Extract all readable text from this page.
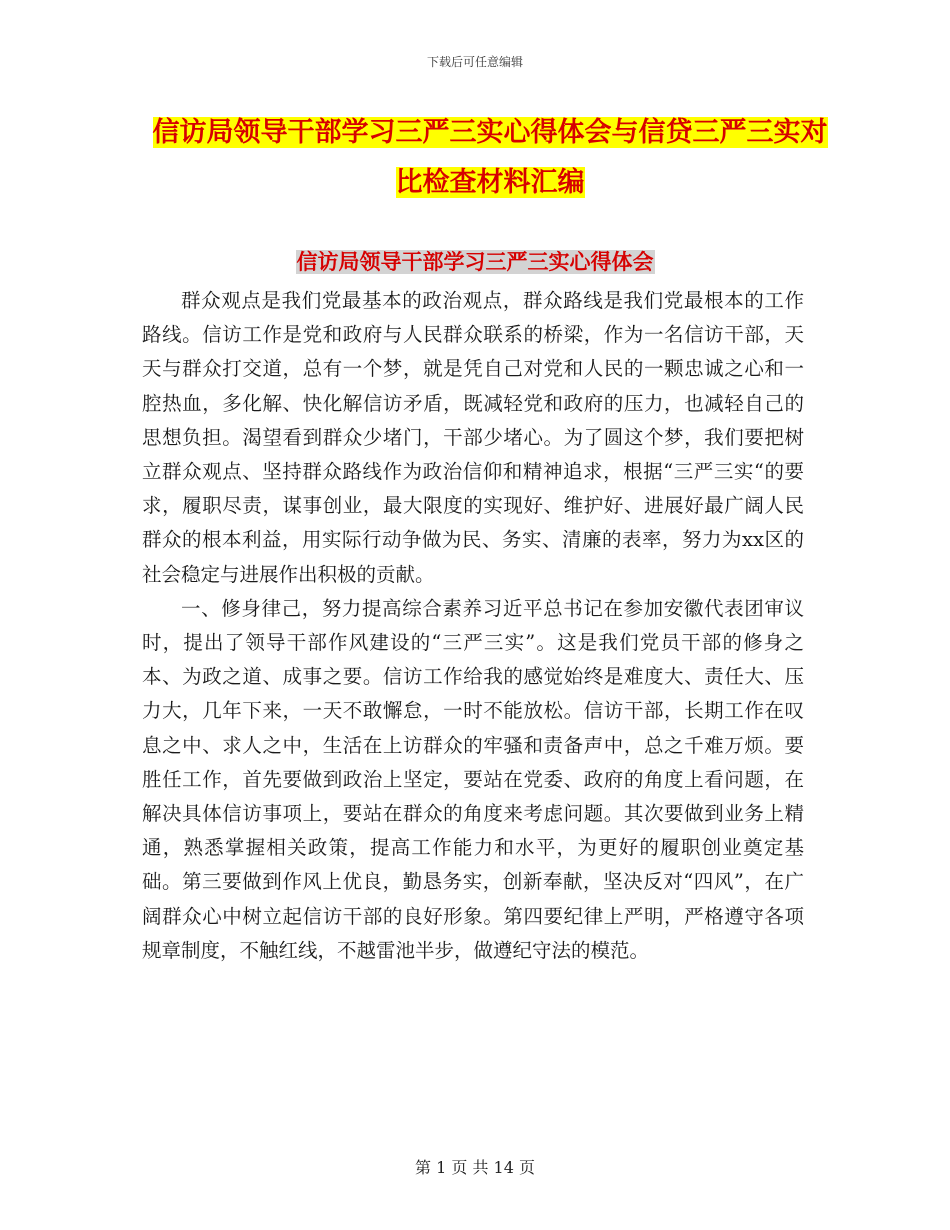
下载后可任意编辑
信访局领导干部学习三严三实心得体会与信贷三严三实对比检查材料汇编
信访局领导干部学习三严三实心得体会

群众观点是我们党最基本的政治观点，群众路线是我们党最根本的工作路线。信访工作是党和政府与人民群众联系的桥梁，作为一名信访干部，天天与群众打交道，总有一个梦，就是凭自己对党和人民的一颗忠诚之心和一腔热血，多化解、快化解信访矛盾，既减轻党和政府的压力，也减轻自己的思想负担。渴望看到群众少堵门，干部少堵心。为了圆这个梦，我们要把树立群众观点、坚持群众路线作为政治信仰和精神追求，根据“三严三实“的要求，履职尽责，谋事创业，最大限度的实现好、维护好、进展好最广阔人民群众的根本利益，用实际行动争做为民、务实、清廉的表率，努力为xx区的社会稳定与进展作出积极的贡献。

一、修身律己，努力提高综合素养习近平总书记在参加安徽代表团审议时，提出了领导干部作风建设的“三严三实”。这是我们党员干部的修身之本、为政之道、成事之要。信访工作给我的感觉始终是难度大、责任大、压力大，几年下来，一天不敢懈怠，一时不能放松。信访干部，长期工作在叹息之中、求人之中，生活在上访群众的牢骚和责备声中，总之千难万烦。要胜任工作，首先要做到政治上坚定，要站在党委、政府的角度上看问题，在解决具体信访事项上，要站在群众的角度来考虑问题。其次要做到业务上精通，熟悉掌握相关政策，提高工作能力和水平，为更好的履职创业奠定基础。第三要做到作风上优良，勤恳务实，创新奉献，坚决反对“四风”，在广阔群众心中树立起信访干部的良好形象。第四要纪律上严明，严格遵守各项规章制度，不触红线，不越雷池半步，做遵纪守法的模范。

第 1 页 共 14 页
